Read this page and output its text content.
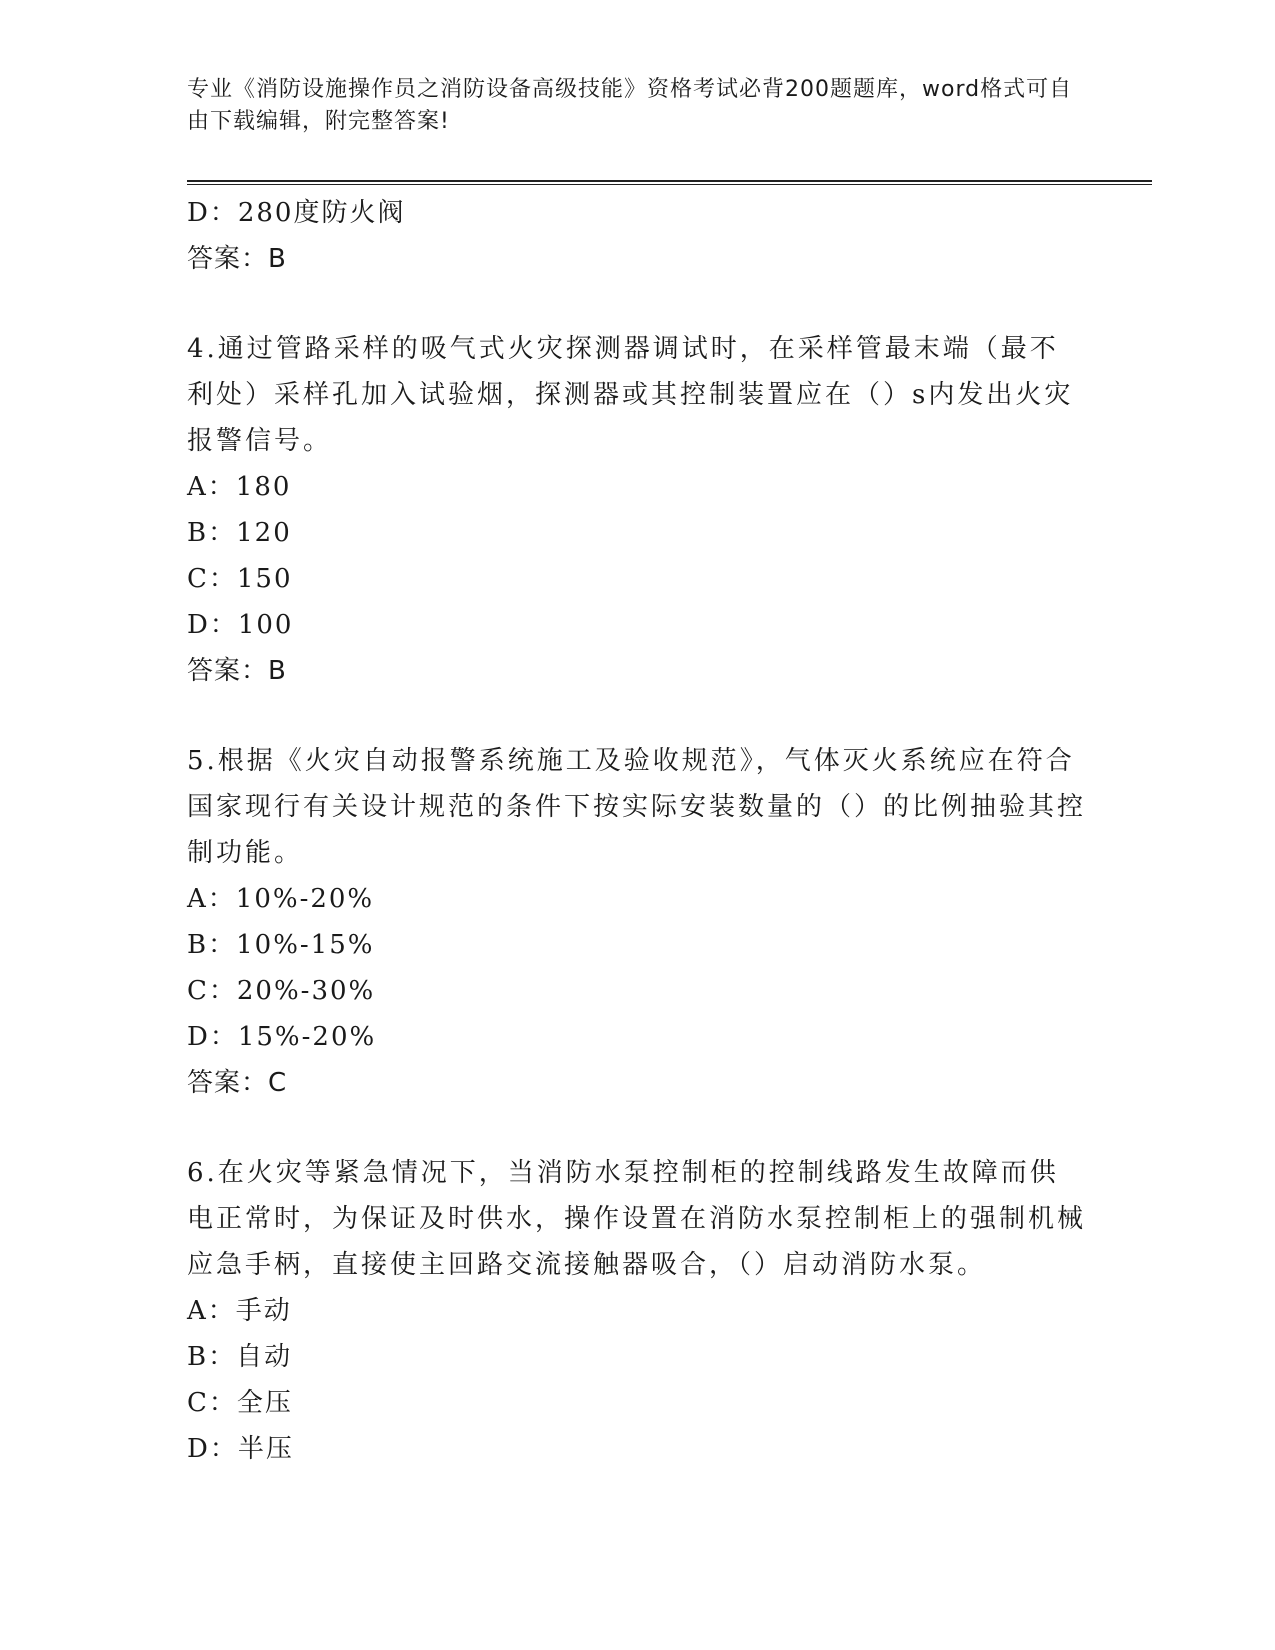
专业《消防设施操作员之消防设备高级技能》资格考试必背200题题库，word格式可自由下载编辑，附完整答案!
D：280度防火阀
答案：B
4.通过管路采样的吸气式火灾探测器调试时，在采样管最末端（最不利处）采样孔加入试验烟，探测器或其控制装置应在（）s内发出火灾报警信号。
A：180
B：120
C：150
D：100
答案：B
5.根据《火灾自动报警系统施工及验收规范》，气体灭火系统应在符合国家现行有关设计规范的条件下按实际安装数量的（）的比例抽验其控制功能。
A：10%-20%
B：10%-15%
C：20%-30%
D：15%-20%
答案：C
6.在火灾等紧急情况下，当消防水泵控制柜的控制线路发生故障而供电正常时，为保证及时供水，操作设置在消防水泵控制柜上的强制机械应急手柄，直接使主回路交流接触器吸合，（）启动消防水泵。
A：手动
B：自动
C：全压
D：半压
